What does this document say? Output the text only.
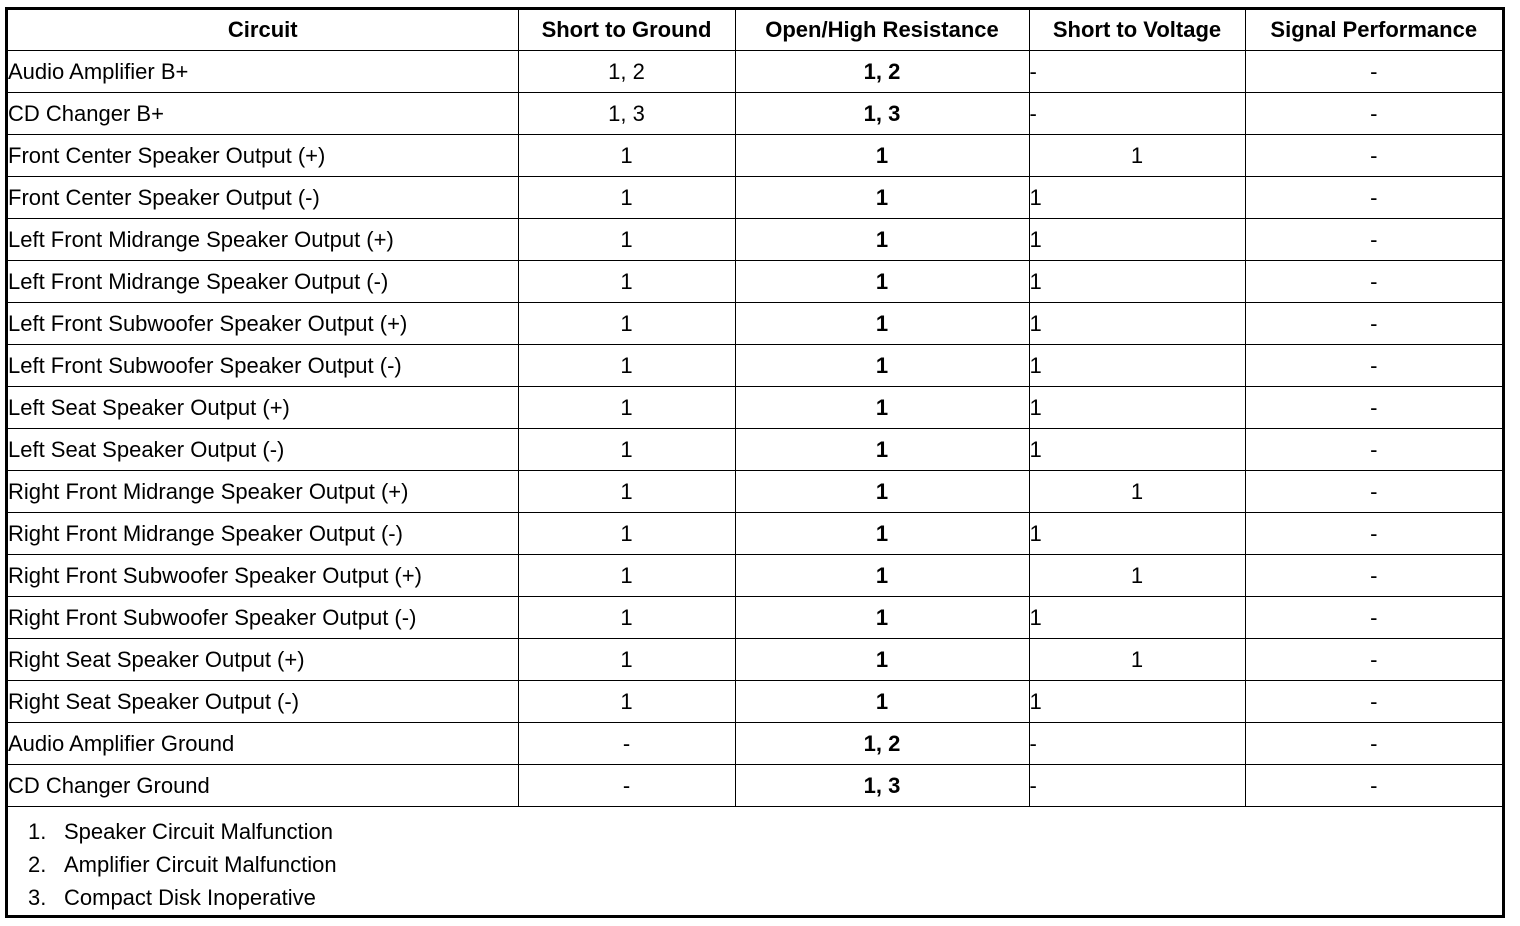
Circuit	Short to Ground	Open/High Resistance	Short to Voltage	Signal Performance
Audio Amplifier B+	1, 2	1, 2	-	-
CD Changer B+	1, 3	1, 3	-	-
Front Center Speaker Output (+)	1	1	1	-
Front Center Speaker Output (-)	1	1	1	-
Left Front Midrange Speaker Output (+)	1	1	1	-
Left Front Midrange Speaker Output (-)	1	1	1	-
Left Front Subwoofer Speaker Output (+)	1	1	1	-
Left Front Subwoofer Speaker Output (-)	1	1	1	-
Left Seat Speaker Output (+)	1	1	1	-
Left Seat Speaker Output (-)	1	1	1	-
Right Front Midrange Speaker Output (+)	1	1	1	-
Right Front Midrange Speaker Output (-)	1	1	1	-
Right Front Subwoofer Speaker Output (+)	1	1	1	-
Right Front Subwoofer Speaker Output (-)	1	1	1	-
Right Seat Speaker Output (+)	1	1	1	-
Right Seat Speaker Output (-)	1	1	1	-
Audio Amplifier Ground	-	1, 2	-	-
CD Changer Ground	-	1, 3	-	-
1. Speaker Circuit Malfunction
2. Amplifier Circuit Malfunction
3. Compact Disk Inoperative
